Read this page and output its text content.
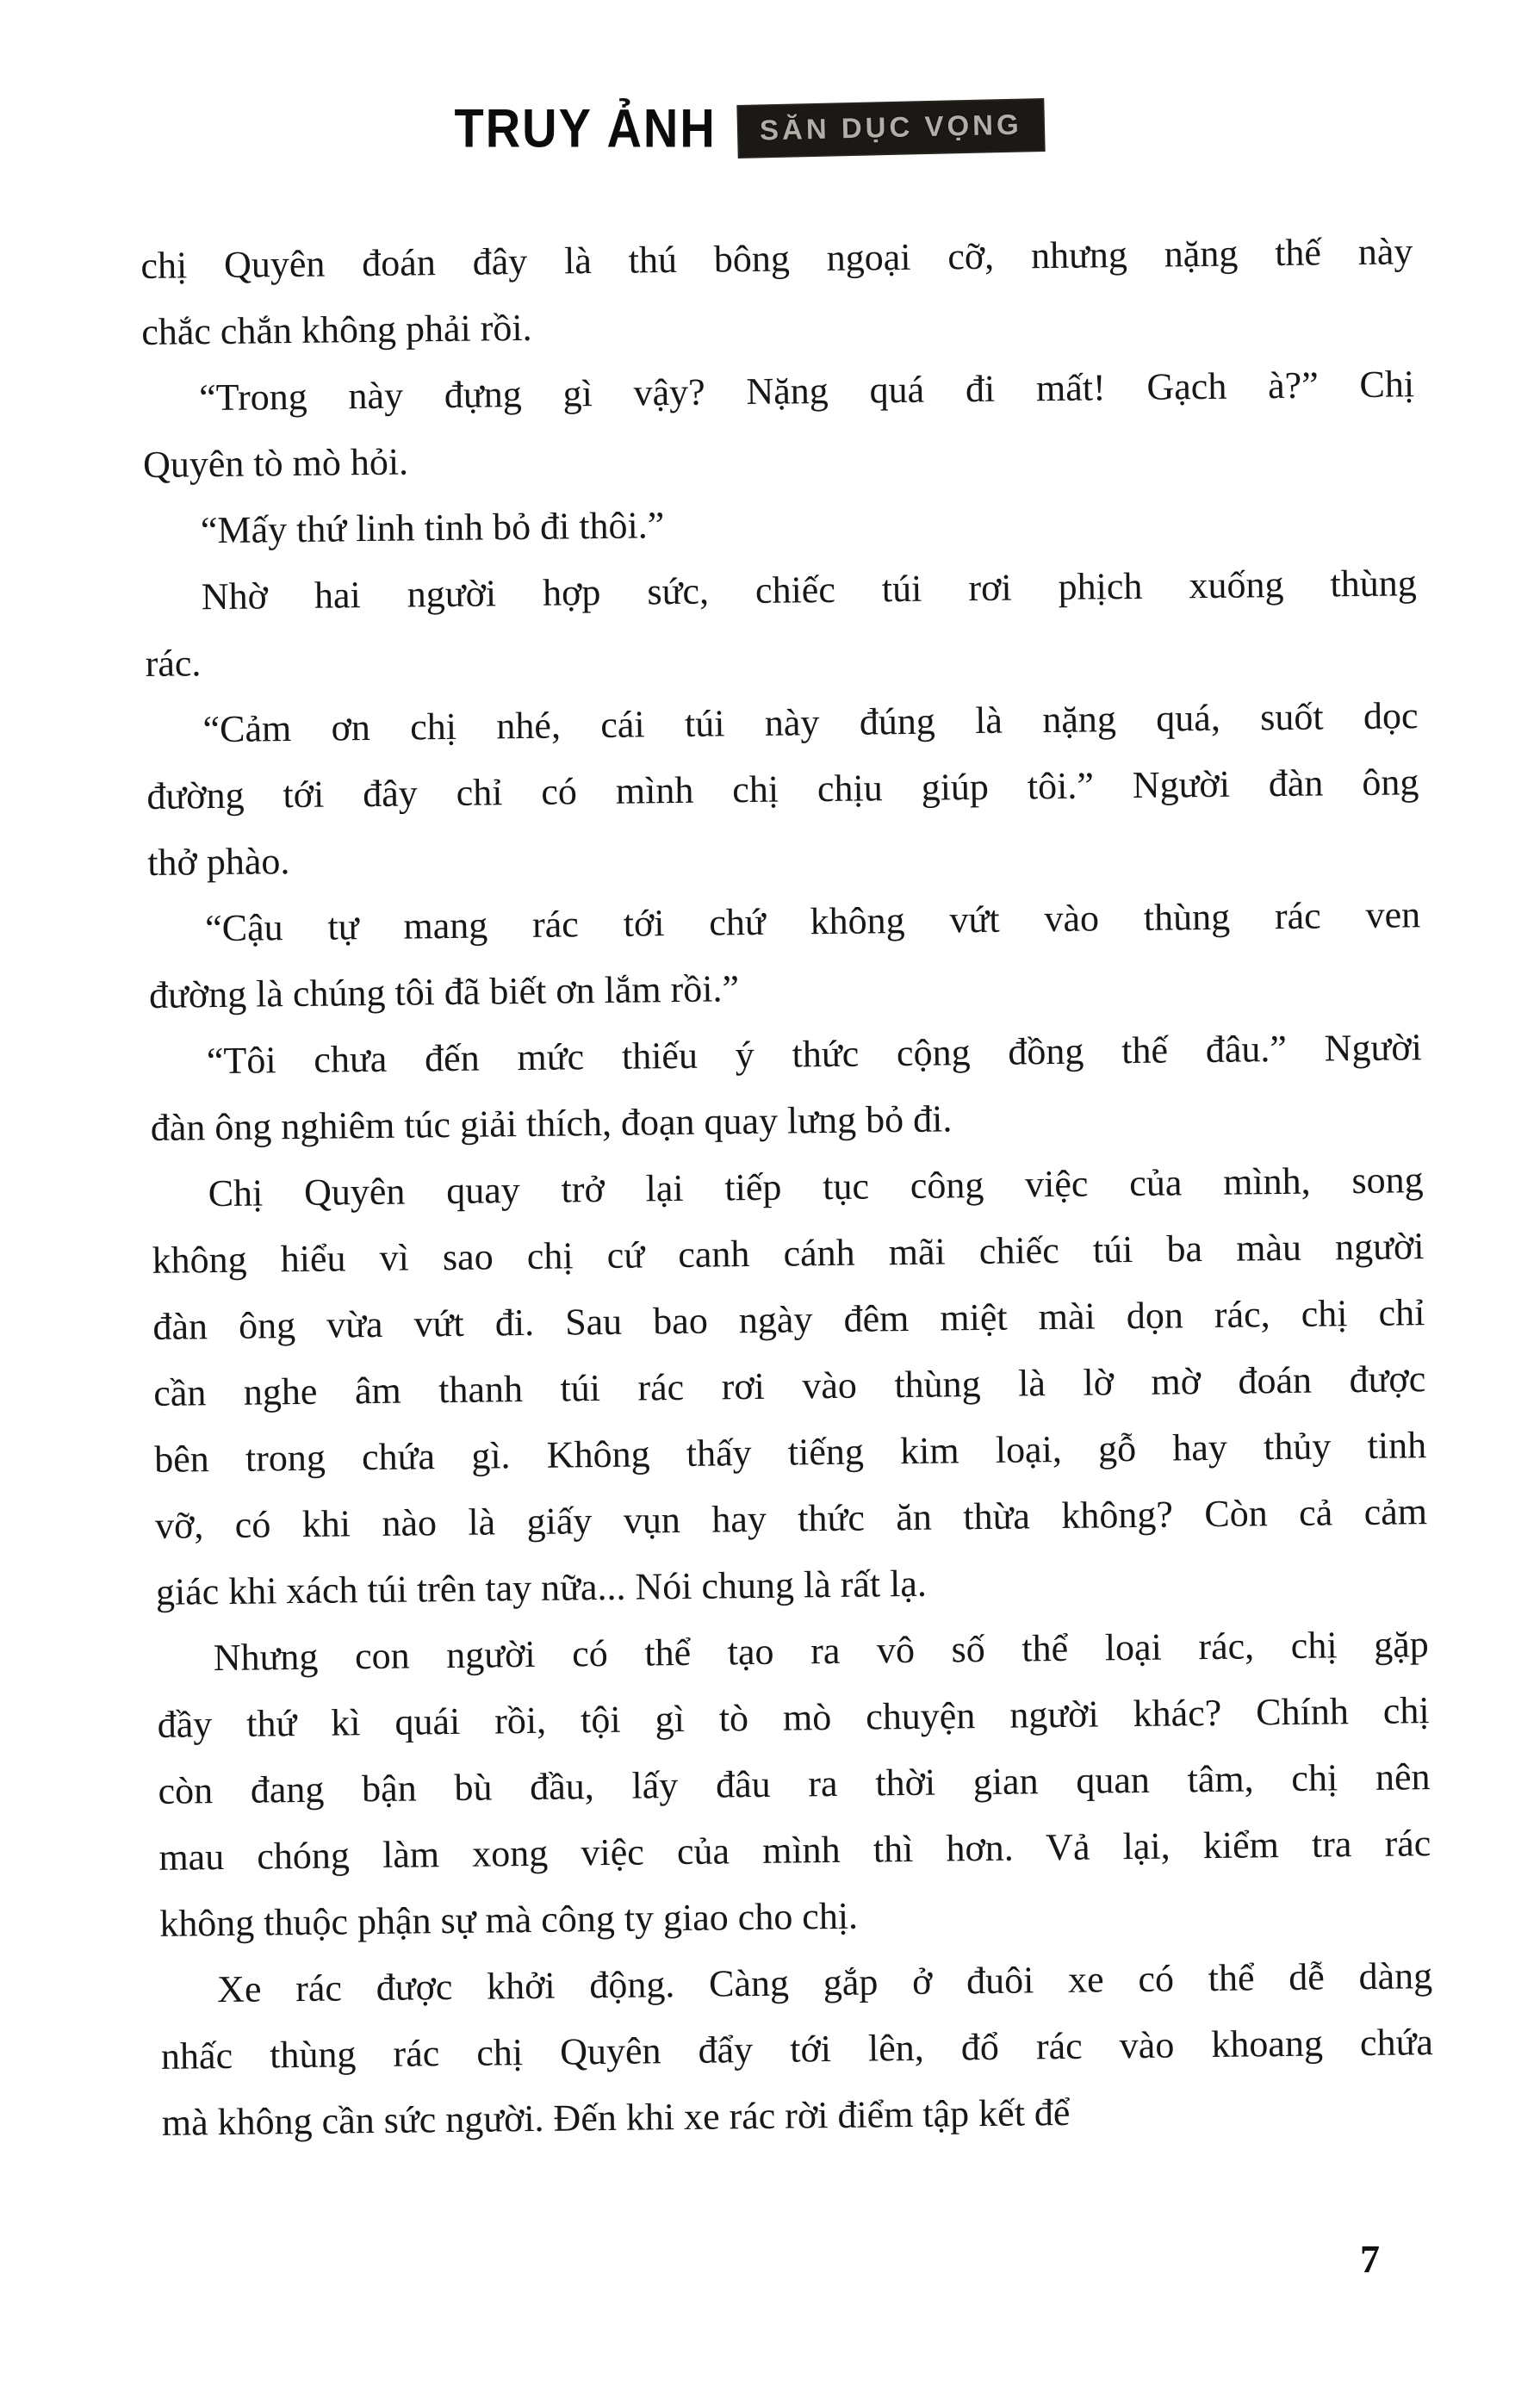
TRUY ẢNH	SĂN DỤC VỌNG

chị Quyên đoán đây là thú bông ngoại cỡ, nhưng nặng thế này
chắc chắn không phải rồi.

“Trong này đựng gì vậy? Nặng quá đi mất! Gạch à?” Chị
Quyên tò mò hỏi.

“Mấy thứ linh tinh bỏ đi thôi.”

Nhờ hai người hợp sức, chiếc túi rơi phịch xuống thùng
rác.

“Cảm ơn chị nhé, cái túi này đúng là nặng quá, suốt dọc
đường tới đây chỉ có mình chị chịu giúp tôi.” Người đàn ông
thở phào.

“Cậu tự mang rác tới chứ không vứt vào thùng rác ven
đường là chúng tôi đã biết ơn lắm rồi.”

“Tôi chưa đến mức thiếu ý thức cộng đồng thế đâu.” Người
đàn ông nghiêm túc giải thích, đoạn quay lưng bỏ đi.

Chị Quyên quay trở lại tiếp tục công việc của mình, song
không hiểu vì sao chị cứ canh cánh mãi chiếc túi ba màu người
đàn ông vừa vứt đi. Sau bao ngày đêm miệt mài dọn rác, chị chỉ
cần nghe âm thanh túi rác rơi vào thùng là lờ mờ đoán được
bên trong chứa gì. Không thấy tiếng kim loại, gỗ hay thủy tinh
vỡ, có khi nào là giấy vụn hay thức ăn thừa không? Còn cả cảm
giác khi xách túi trên tay nữa... Nói chung là rất lạ.

Nhưng con người có thể tạo ra vô số thể loại rác, chị gặp
đầy thứ kì quái rồi, tội gì tò mò chuyện người khác? Chính chị
còn đang bận bù đầu, lấy đâu ra thời gian quan tâm, chị nên
mau chóng làm xong việc của mình thì hơn. Vả lại, kiểm tra rác
không thuộc phận sự mà công ty giao cho chị.

Xe rác được khởi động. Càng gắp ở đuôi xe có thể dễ dàng
nhấc thùng rác chị Quyên đẩy tới lên, đổ rác vào khoang chứa
mà không cần sức người. Đến khi xe rác rời điểm tập kết để

7
